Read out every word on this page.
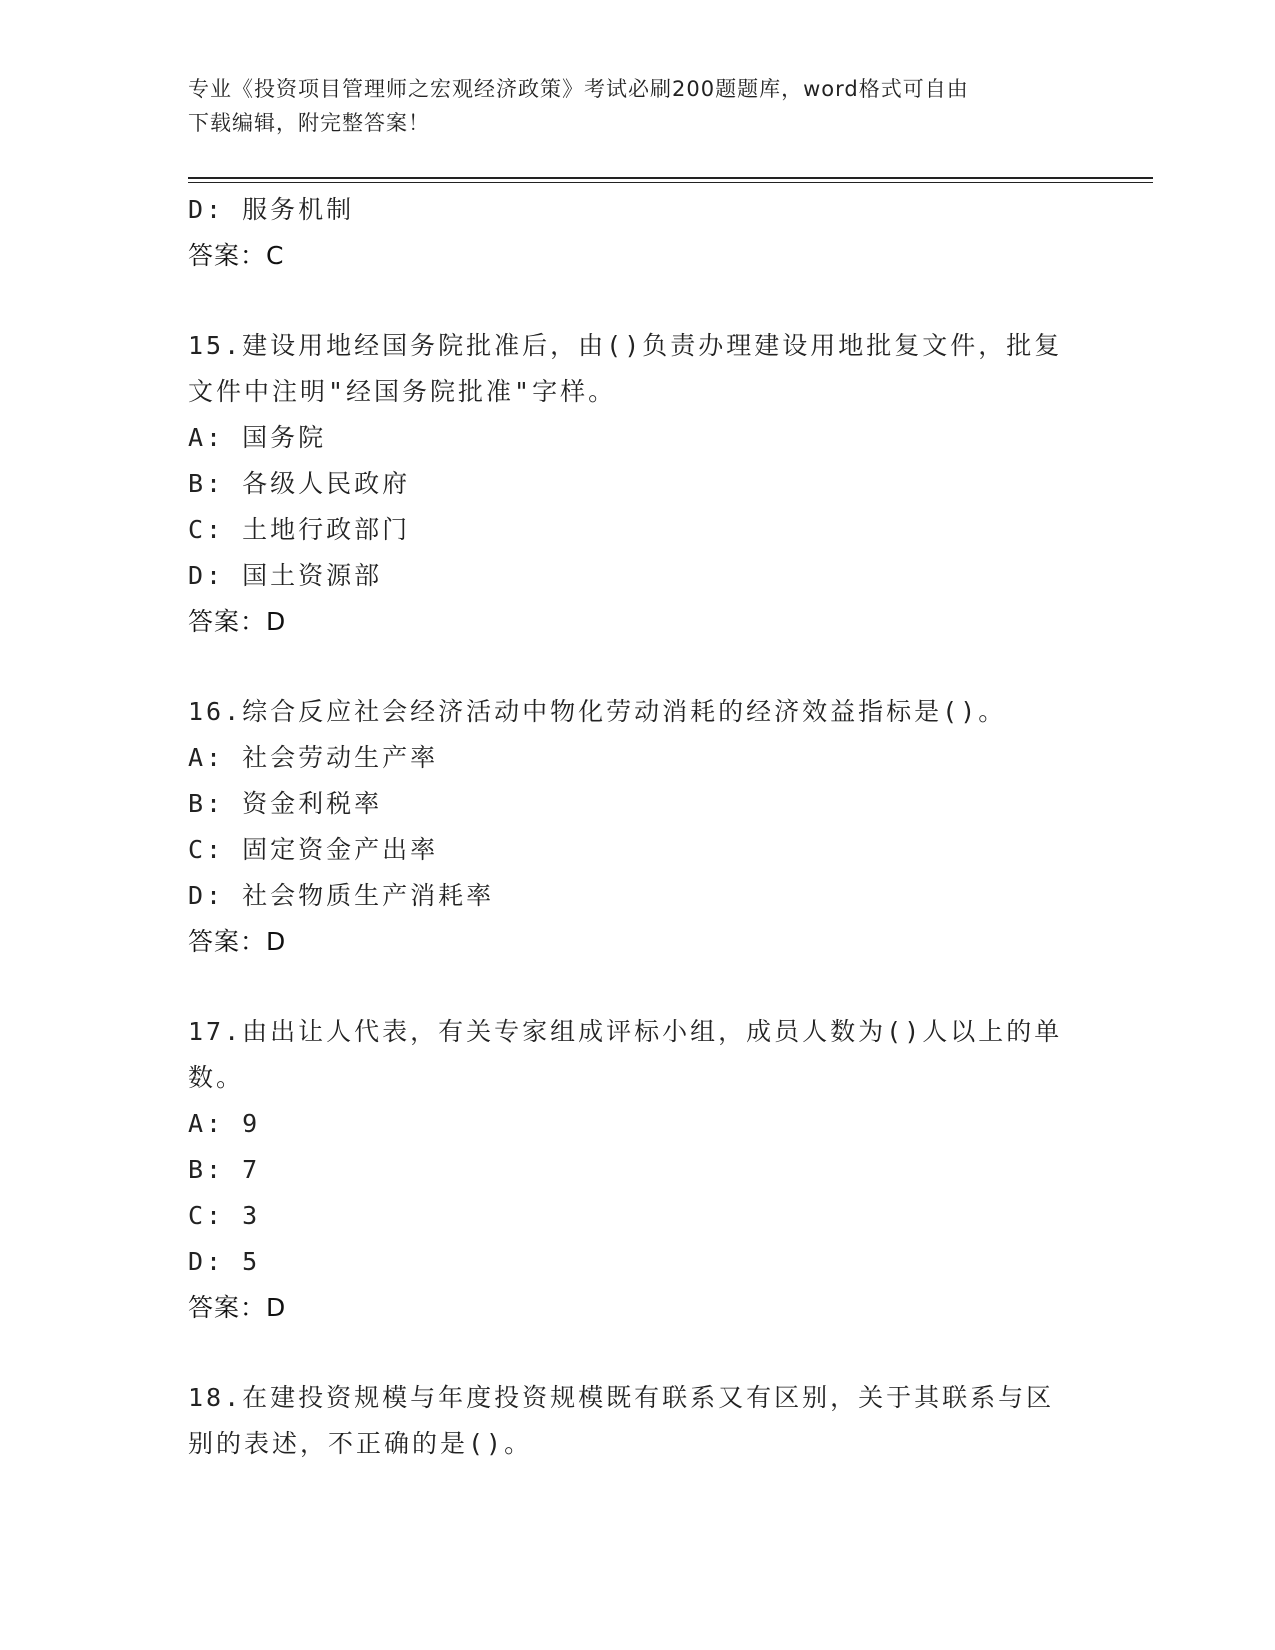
专业《投资项目管理师之宏观经济政策》考试必刷200题题库，word格式可自由
下载编辑，附完整答案！
D: 服务机制
答案：C
15.建设用地经国务院批准后，由()负责办理建设用地批复文件，批复
文件中注明"经国务院批准"字样。
A: 国务院
B: 各级人民政府
C: 土地行政部门
D: 国土资源部
答案：D
16.综合反应社会经济活动中物化劳动消耗的经济效益指标是()。
A: 社会劳动生产率
B: 资金利税率
C: 固定资金产出率
D: 社会物质生产消耗率
答案：D
17.由出让人代表，有关专家组成评标小组，成员人数为()人以上的单
数。
A: 9
B: 7
C: 3
D: 5
答案：D
18.在建投资规模与年度投资规模既有联系又有区别，关于其联系与区
别的表述，不正确的是()。
